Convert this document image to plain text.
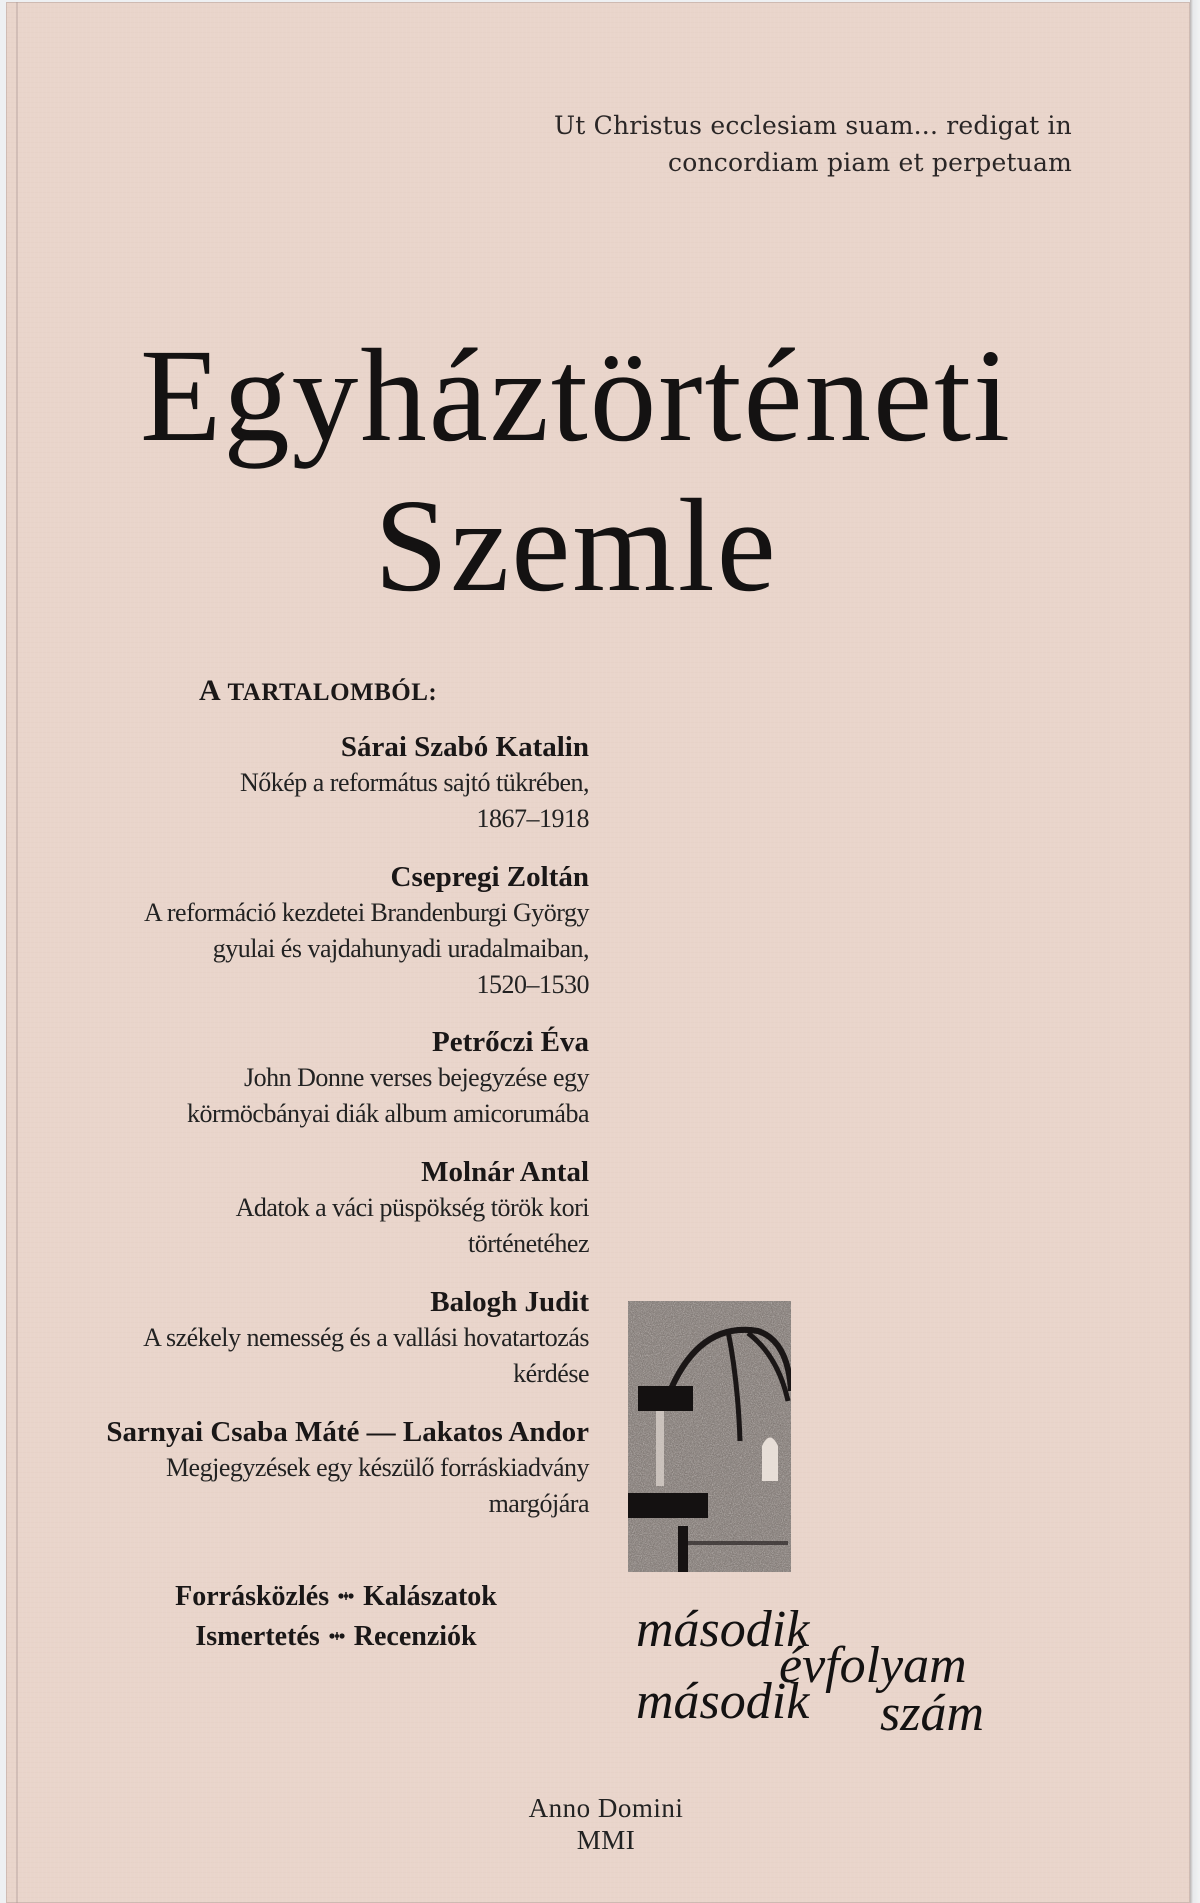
Ut Christus ecclesiam suam... redigat in
concordiam piam et perpetuam
Egyháztörténeti
Szemle
A TARTALOMBÓL:
Sárai Szabó Katalin
Nőkép a református sajtó tükrében,
1867–1918
Csepregi Zoltán
A reformáció kezdetei Brandenburgi György
gyulai és vajdahunyadi uradalmaiban,
1520–1530
Petrőczi Éva
John Donne verses bejegyzése egy
körmöcbányai diák album amicorumába
Molnár Antal
Adatok a váci püspökség török kori
történetéhez
Balogh Judit
A székely nemesség és a vallási hovatartozás
kérdése
Sarnyai Csaba Máté — Lakatos Andor
Megjegyzések egy készülő forráskiadvány
margójára
Forrásközlés Kalászatok
Ismertetés Recenziók	második
évfolyam
második szám
Anno Domini
MMI
